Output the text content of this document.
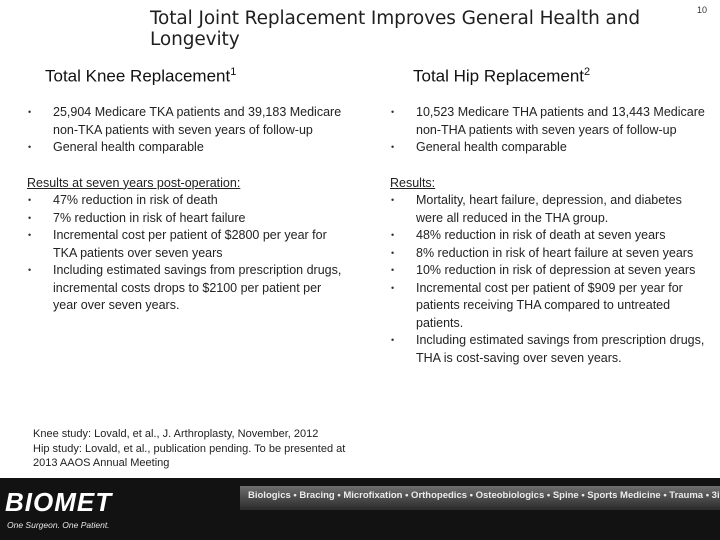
Total Joint Replacement Improves General Health and Longevity
10
Total Knee Replacement$^1$	Total Hip Replacement$^2$
• 25,904 Medicare TKA patients and 39,183 Medicare non-TKA patients with seven years of follow-up
• General health comparable
Results at seven years post-operation:
• 47% reduction in risk of death
• 7% reduction in risk of heart failure
• Incremental cost per patient of $2800 per year for TKA patients over seven years
• Including estimated savings from prescription drugs, incremental costs drops to $2100 per patient per year over seven years.
• 10,523 Medicare THA patients and 13,443 Medicare non-THA patients with seven years of follow-up
• General health comparable
Results:
• Mortality, heart failure, depression, and diabetes were all reduced in the THA group.
• 48% reduction in risk of death at seven years
• 8% reduction in risk of heart failure at seven years
• 10% reduction in risk of depression at seven years
• Incremental cost per patient of $909 per year for patients receiving THA compared to untreated patients.
• Including estimated savings from prescription drugs, THA is cost-saving over seven years.
Knee study: Lovald, et al., J. Arthroplasty, November, 2012
Hip study: Lovald, et al., publication pending. To be presented at 2013 AAOS Annual Meeting
Biologics • Bracing • Microfixation • Orthopedics • Osteobiologics • Spine • Sports Medicine • Trauma • 3i
BIOMET
One Surgeon. One Patient.
